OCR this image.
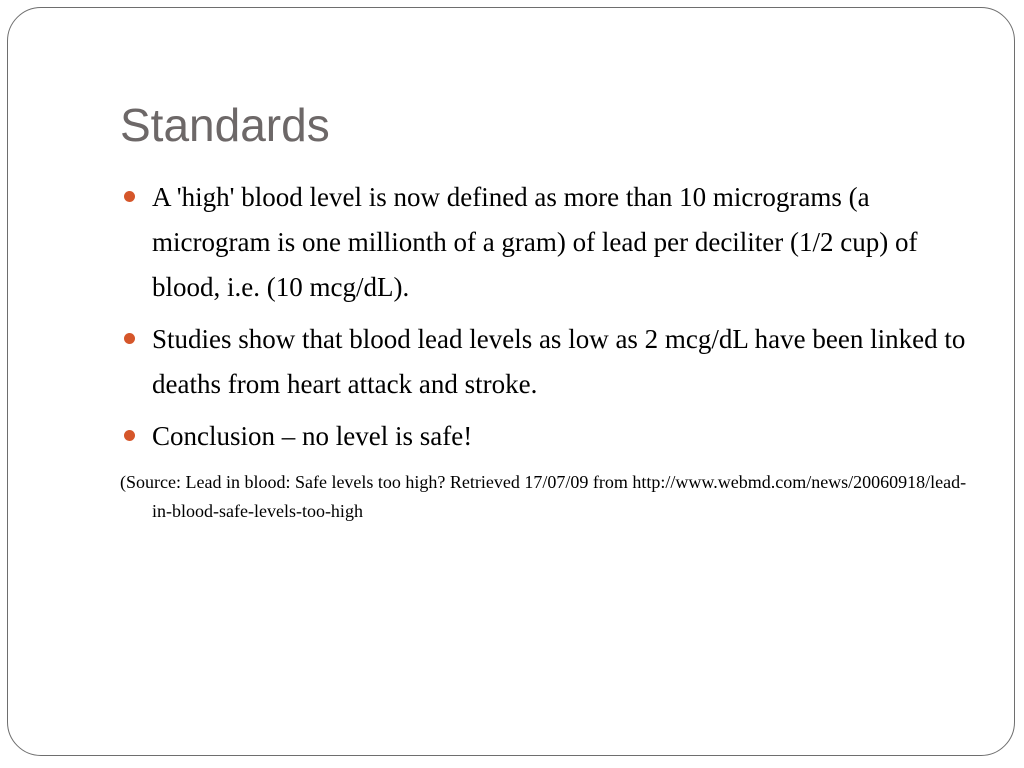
Standards
A 'high' blood level is now defined as more than 10 micrograms (a microgram is one millionth of a gram) of lead per deciliter (1/2 cup) of blood, i.e. (10 mcg/dL).
Studies show that blood lead levels as low as 2 mcg/dL have been linked to deaths from heart attack and stroke.
Conclusion – no level is safe!

(Source: Lead in blood: Safe levels too high? Retrieved 17/07/09 from http://www.webmd.com/news/20060918/lead-in-blood-safe-levels-too-high
